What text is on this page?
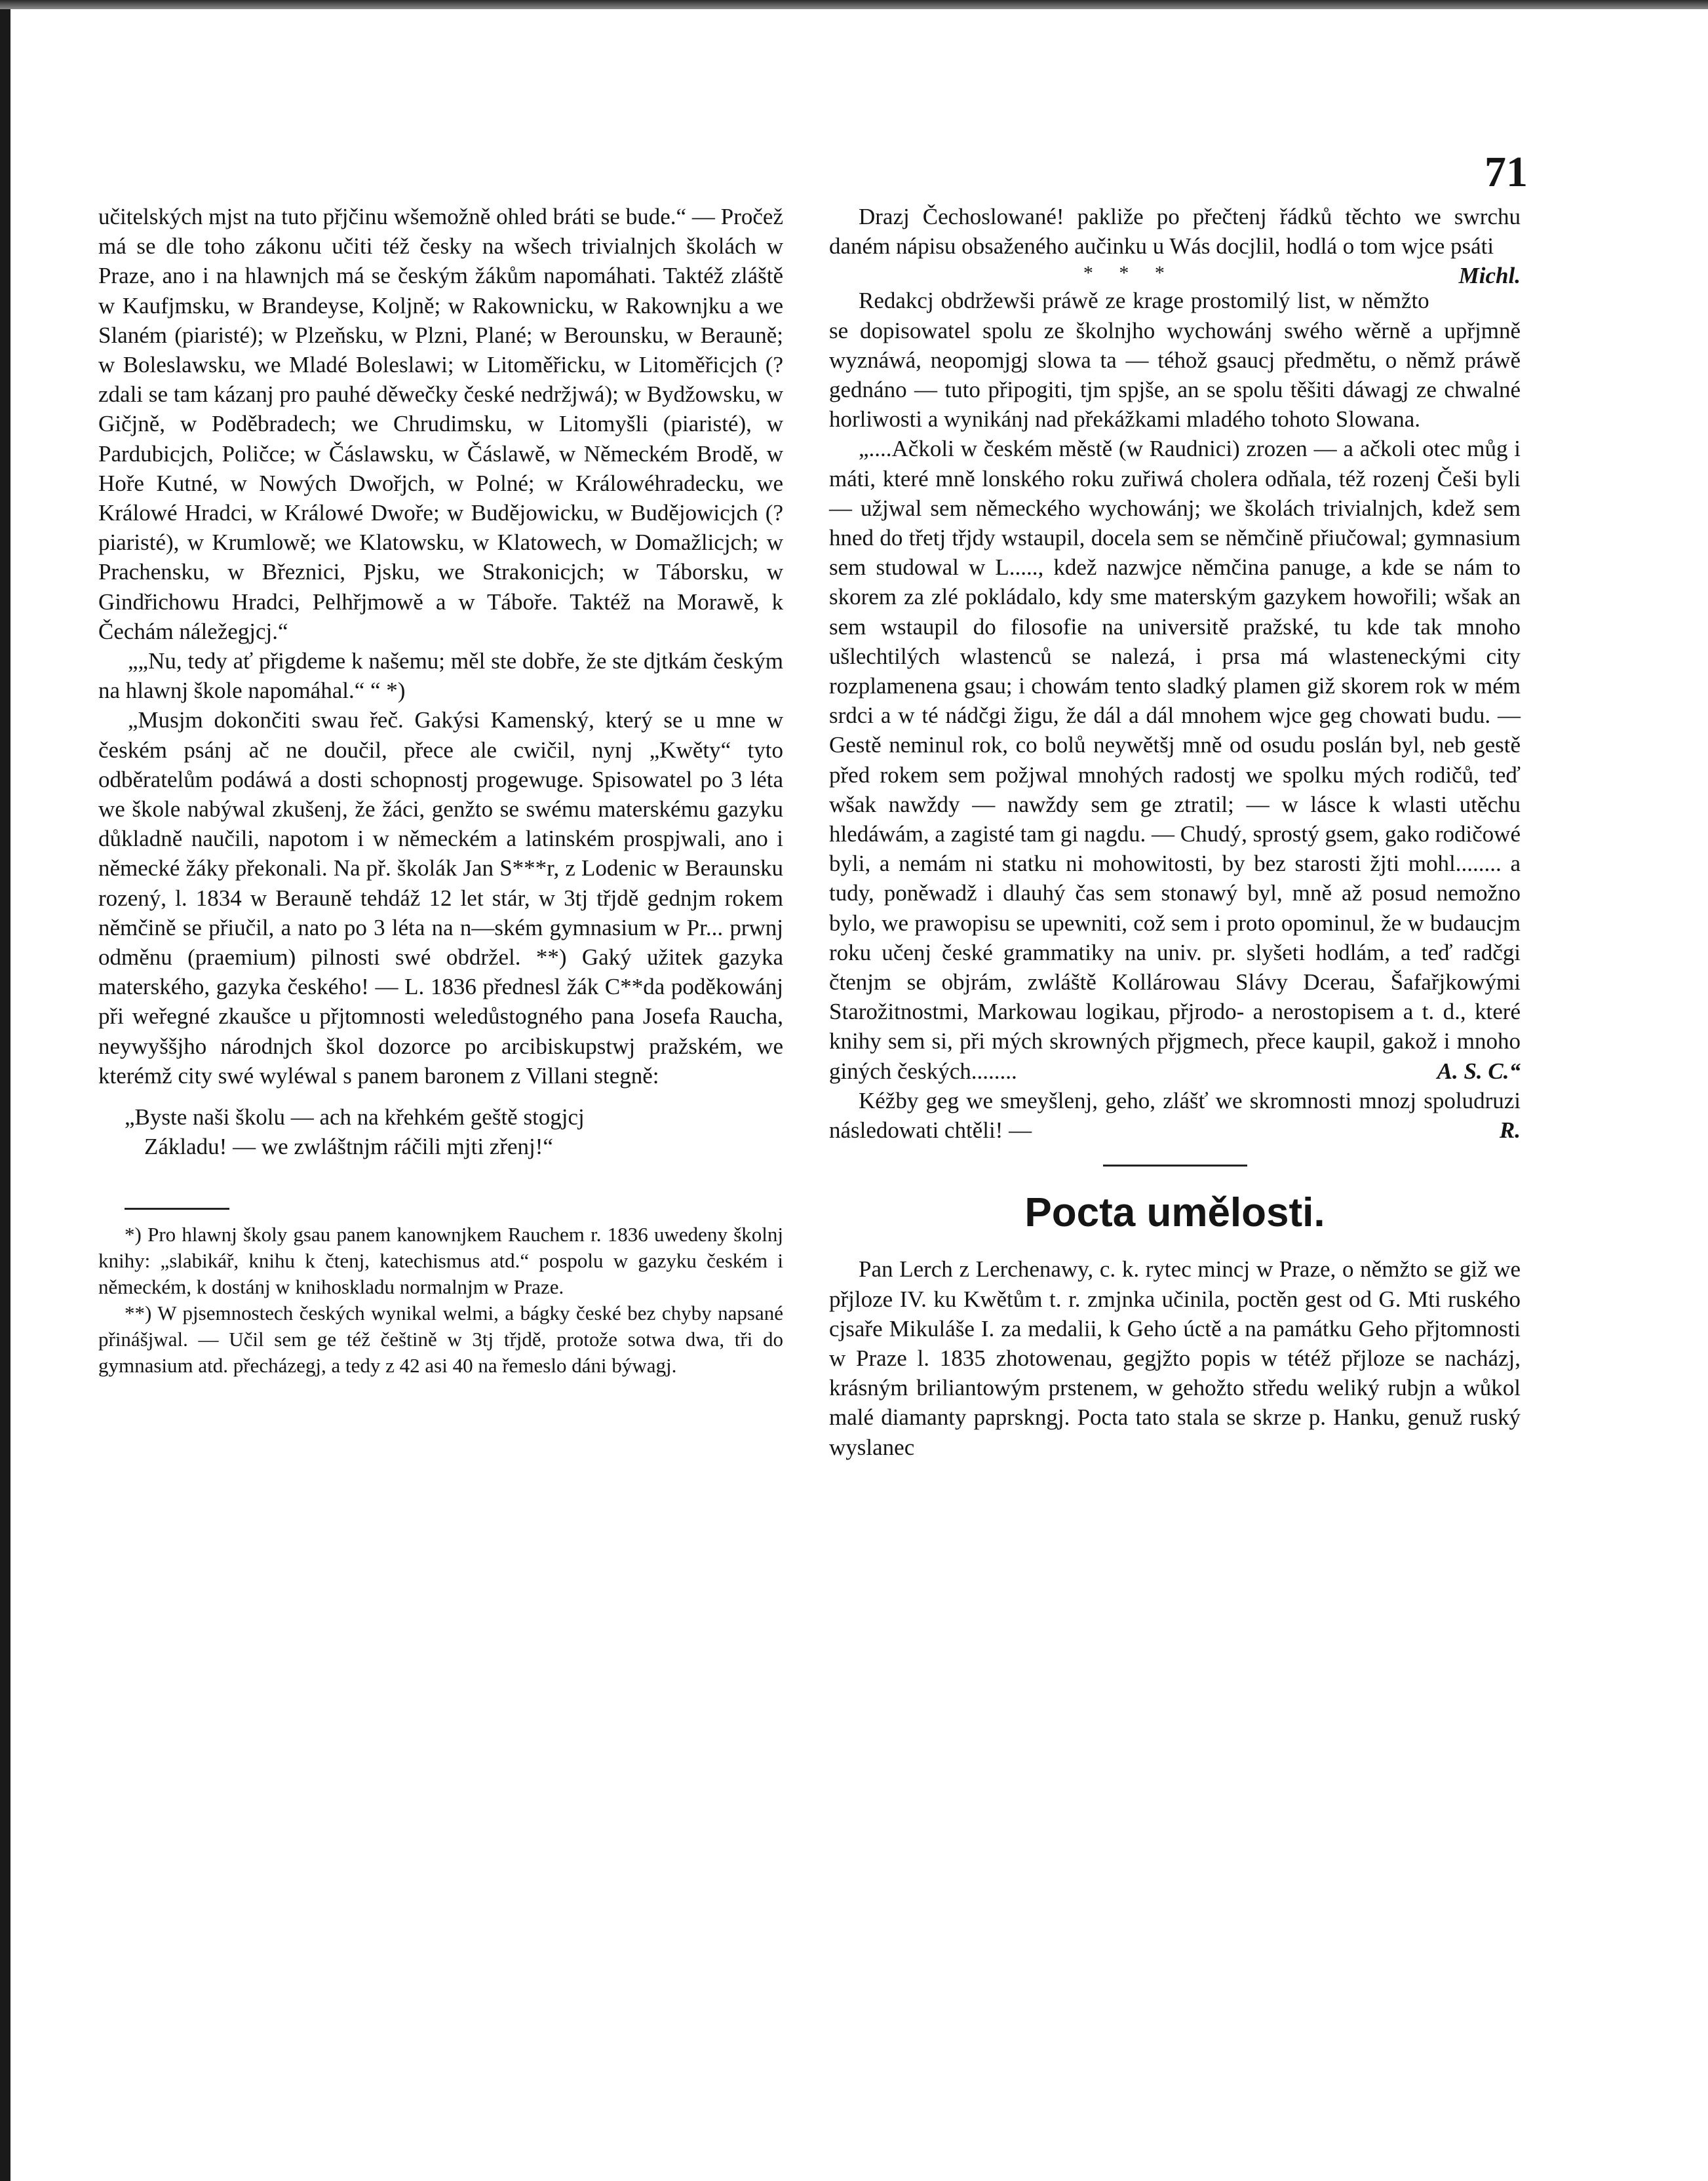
71

učitelských mjst na tuto přjčinu wšemožně ohled bráti se bude.“ — Pročež má se dle toho zákonu učiti též česky na wšech trivialnjch školách w Praze, ano i na hlawnjch má se českým žákům napomáhati. Taktéž zláště w Kaufjmsku, w Brandeyse, Koljně; w Rakownicku, w Rakownjku a we Slaném (piaristé); w Plzeňsku, w Plzni, Plané; w Berounsku, w Berauně; w Boleslawsku, we Mladé Boleslawi; w Litoměřicku, w Litoměřicjch (? zdali se tam kázanj pro pauhé děwečky české nedržjwá); w Bydžowsku, w Gičjně, w Poděbradech; we Chrudimsku, w Litomyšli (piaristé), w Pardubicjch, Poličce; w Čáslawsku, w Čáslawě, w Německém Brodě, w Hoře Kutné, w Nowých Dwořjch, w Polné; w Králowéhradecku, we Králowé Hradci, w Králowé Dwoře; w Budějowicku, w Budějowicjch (? piaristé), w Krumlowě; we Klatowsku, w Klatowech, w Domažlicjch; w Prachensku, w Březnici, Pjsku, we Strakonicjch; w Táborsku, w Gindřichowu Hradci, Pelhřjmowě a w Táboře. Taktéž na Morawě, k Čechám náležegjcj.“

„„Nu, tedy ať přigdeme k našemu; měl ste dobře, že ste djtkám českým na hlawnj škole napomáhal.“ “ *)

„Musjm dokončiti swau řeč. Gakýsi Kamenský, který se u mne w českém psánj ač ne doučil, přece ale cwičil, nynj „Kwěty“ tyto odběratelům podáwá a dosti schopnostj progewuge. Spisowatel po 3 léta we škole nabýwal zkušenj, že žáci, genžto se swému materskému gazyku důkladně naučili, napotom i w německém a latinském prospjwali, ano i německé žáky překonali. Na př. školák Jan S***r, z Lodenic w Beraunsku rozený, l. 1834 w Berauně tehdáž 12 let stár, w 3tj třjdě gednjm rokem němčině se přiučil, a nato po 3 léta na n—ském gymnasium w Pr... prwnj odměnu (praemium) pilnosti swé obdržel. **) Gaký užitek gazyka materského, gazyka českého! — L. 1836 přednesl žák C**da poděkowánj při weřegné zkaušce u přjtomnosti weledůstogného pana Josefa Raucha, neywyššjho národnjch škol dozorce po arcibiskupstwj pražském, we kterémž city swé wyléwal s panem baronem z Villani stegně:

„Byste naši školu — ach na křehkém geště stogjcj

Základu! — we zwláštnjm ráčili mjti zřenj!“

*) Pro hlawnj školy gsau panem kanownjkem Rauchem r. 1836 uwedeny školnj knihy: „slabikář, knihu k čtenj, katechismus atd.“ pospolu w gazyku českém i německém, k dostánj w knihoskladu normalnjm w Praze.

**) W pjsemnostech českých wynikal welmi, a bágky české bez chyby napsané přinášjwal. — Učil sem ge též češtině w 3tj třjdě, protože sotwa dwa, tři do gymnasium atd. přecházegj, a tedy z 42 asi 40 na řemeslo dáni býwagj.

Drazj Čechoslowané! pakliže po přečtenj řádků těchto we swrchu daném nápisu obsaženého aučinku u Wás docjlil, hodlá o tom wjce psáti
Michl.

* * *

Redakcj obdržewši práwě ze krage prostomilý list, w němžto se dopisowatel spolu ze školnjho wychowánj swého wěrně a upřjmně wyznáwá, neopomjgj slowa ta — téhož gsaucj předmětu, o němž práwě gednáno — tuto připogiti, tjm spjše, an se spolu těšiti dáwagj ze chwalné horliwosti a wynikánj nad překážkami mladého tohoto Slowana.

„....Ačkoli w českém městě (w Raudnici) zrozen — a ačkoli otec můg i máti, které mně lonského roku zuřiwá cholera odňala, též rozenj Češi byli — užjwal sem německého wychowánj; we školách trivialnjch, kdež sem hned do třetj třjdy wstaupil, docela sem se němčině přiučowal; gymnasium sem studowal w L....., kdež nazwjce němčina panuge, a kde se nám to skorem za zlé pokládalo, kdy sme materským gazykem howořili; wšak an sem wstaupil do filosofie na universitě pražské, tu kde tak mnoho ušlechtilých wlastenců se nalezá, i prsa má wlasteneckými city rozplamenena gsau; i chowám tento sladký plamen giž skorem rok w mém srdci a w té nádčgi žigu, že dál a dál mnohem wjce geg chowati budu. — Gestě neminul rok, co bolů neywětšj mně od osudu poslán byl, neb gestě před rokem sem požjwal mnohých radostj we spolku mých rodičů, teď wšak nawždy — nawždy sem ge ztratil; — w lásce k wlasti utěchu hledáwám, a zagisté tam gi nagdu. — Chudý, sprostý gsem, gako rodičowé byli, a nemám ni statku ni mohowitosti, by bez starosti žjti mohl........ a tudy, poněwadž i dlauhý čas sem stonawý byl, mně až posud nemožno bylo, we prawopisu se upewniti, což sem i proto opominul, že w budaucjm roku učenj české grammatiky na univ. pr. slyšeti hodlám, a teď radčgi čtenjm se objrám, zwláště Kollárowau Slávy Dcerau, Šafařjkowými Starožitnostmi, Markowau logikau, přjrodo- a nerostopisem a t. d., které knihy sem si, při mých skrowných přjgmech, přece kaupil, gakož i mnoho giných českých........	A. S. C.“

Kéžby geg we smeyšlenj, geho, zlášť we skromnosti mnozj spoludruzi následowati chtěli! —	R.

Pocta umělosti.

Pan Lerch z Lerchenawy, c. k. rytec mincj w Praze, o němžto se giž we přjloze IV. ku Kwětům t. r. zmjnka učinila, poctěn gest od G. Mti ruského cjsaře Mikuláše I. za medalii, k Geho úctě a na památku Geho přjtomnosti w Praze l. 1835 zhotowenau, gegjžto popis w tétéž přjloze se nacházj, krásným briliantowým prstenem, w gehožto středu weliký rubjn a wůkol malé diamanty paprskngj. Pocta tato stala se skrze p. Hanku, genuž ruský wyslanec
